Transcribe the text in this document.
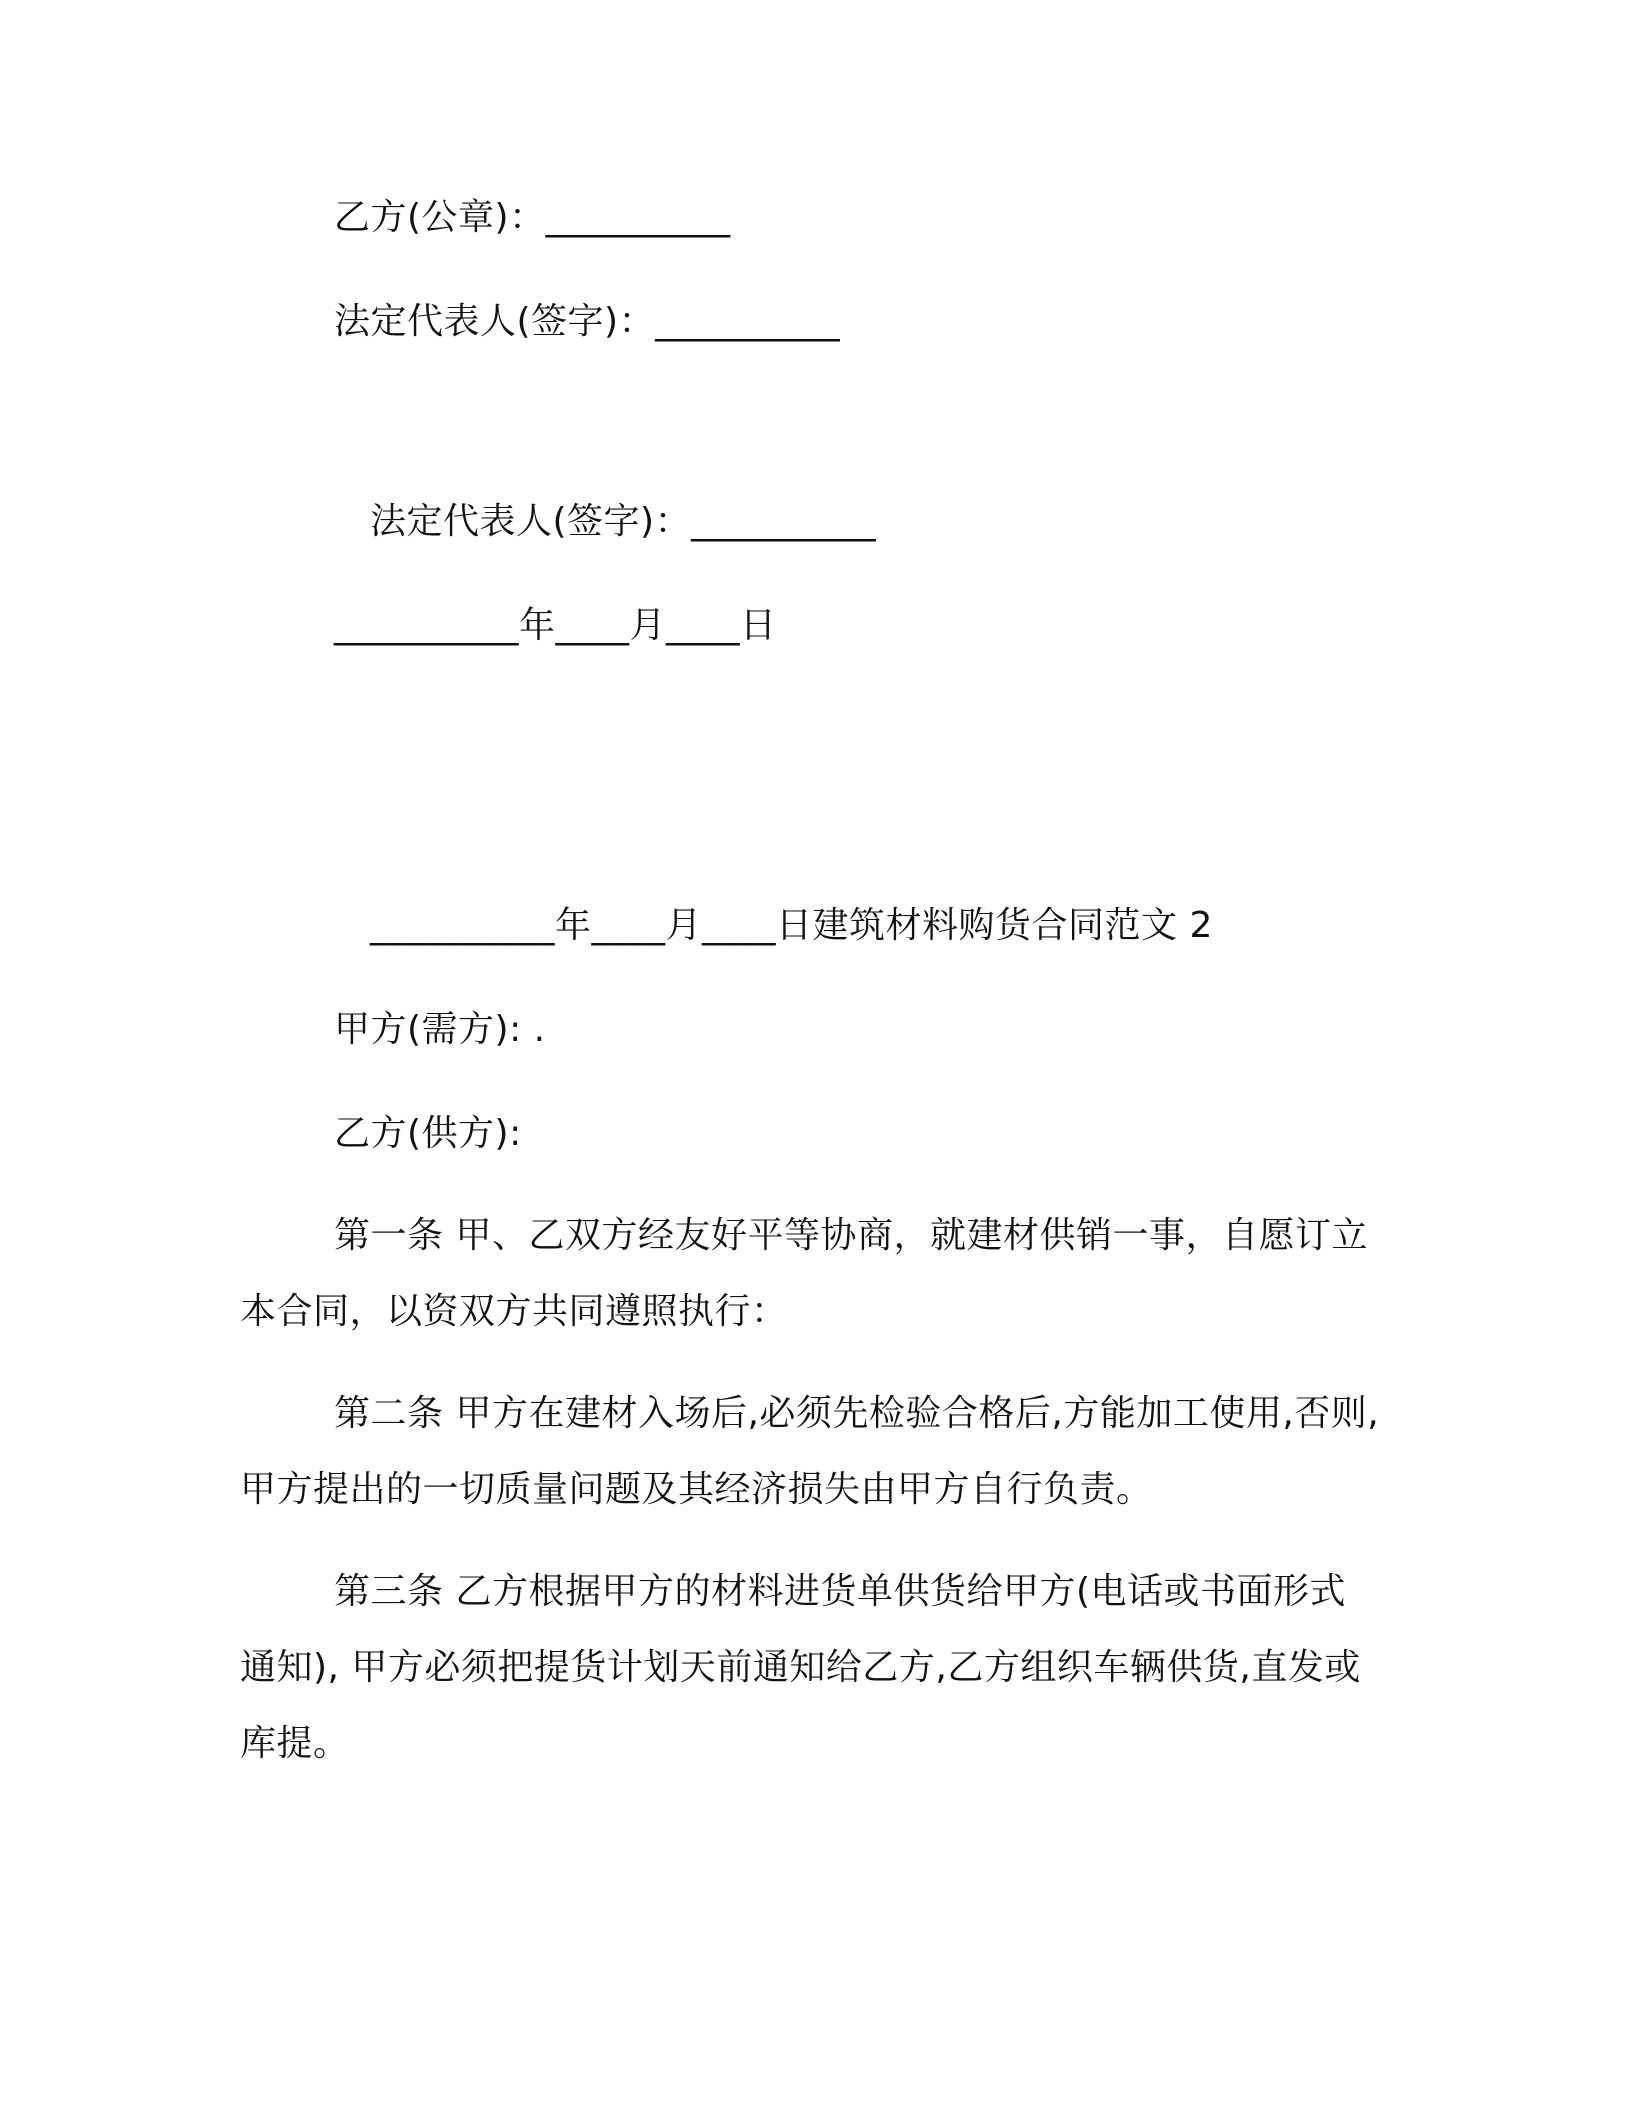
乙方(公章)：__________
法定代表人(签字)：__________
法定代表人(签字)：__________
__________年____月____日
__________年____月____日建筑材料购货合同范文 2
甲方(需方): .
乙方(供方):
第一条 甲、乙双方经友好平等协商，就建材供销一事，自愿订立
本合同，以资双方共同遵照执行：
第二条 甲方在建材入场后,必须先检验合格后,方能加工使用,否则,
甲方提出的一切质量问题及其经济损失由甲方自行负责。
第三条 乙方根据甲方的材料进货单供货给甲方(电话或书面形式
通知), 甲方必须把提货计划天前通知给乙方,乙方组织车辆供货,直发或
库提。
